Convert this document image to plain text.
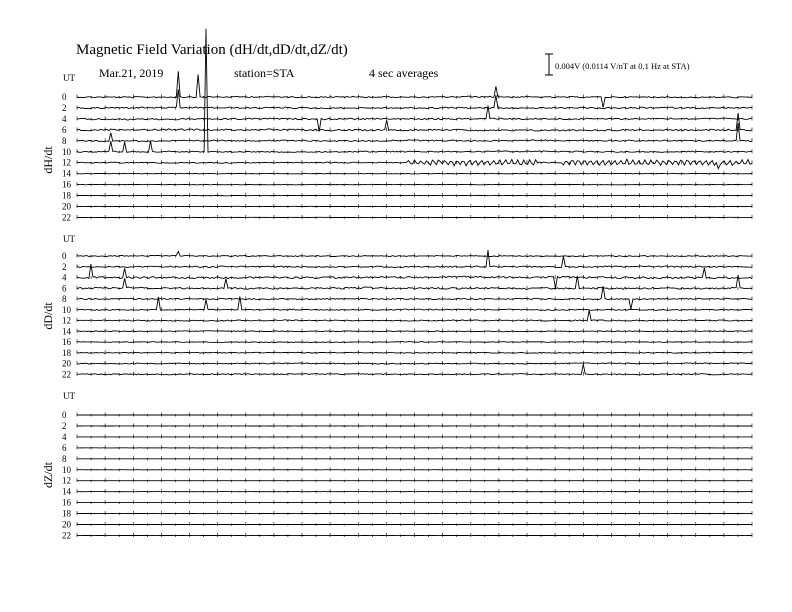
Magnetic Field Variation (dH/dt,dD/dt,dZ/dt)
Mar.21, 2019	station=STA	4 sec averages	0.004V (0.0114 V/nT at 0.1 Hz at STA)
UT
dH/dt
0
2
4
6
8
10
12
14
16
18
20
22
UT
dD/dt
0
2
4
6
8
10
12
14
16
18
20
22
UT
dZ/dt
0
2
4
6
8
10
12
14
16
18
20
22
